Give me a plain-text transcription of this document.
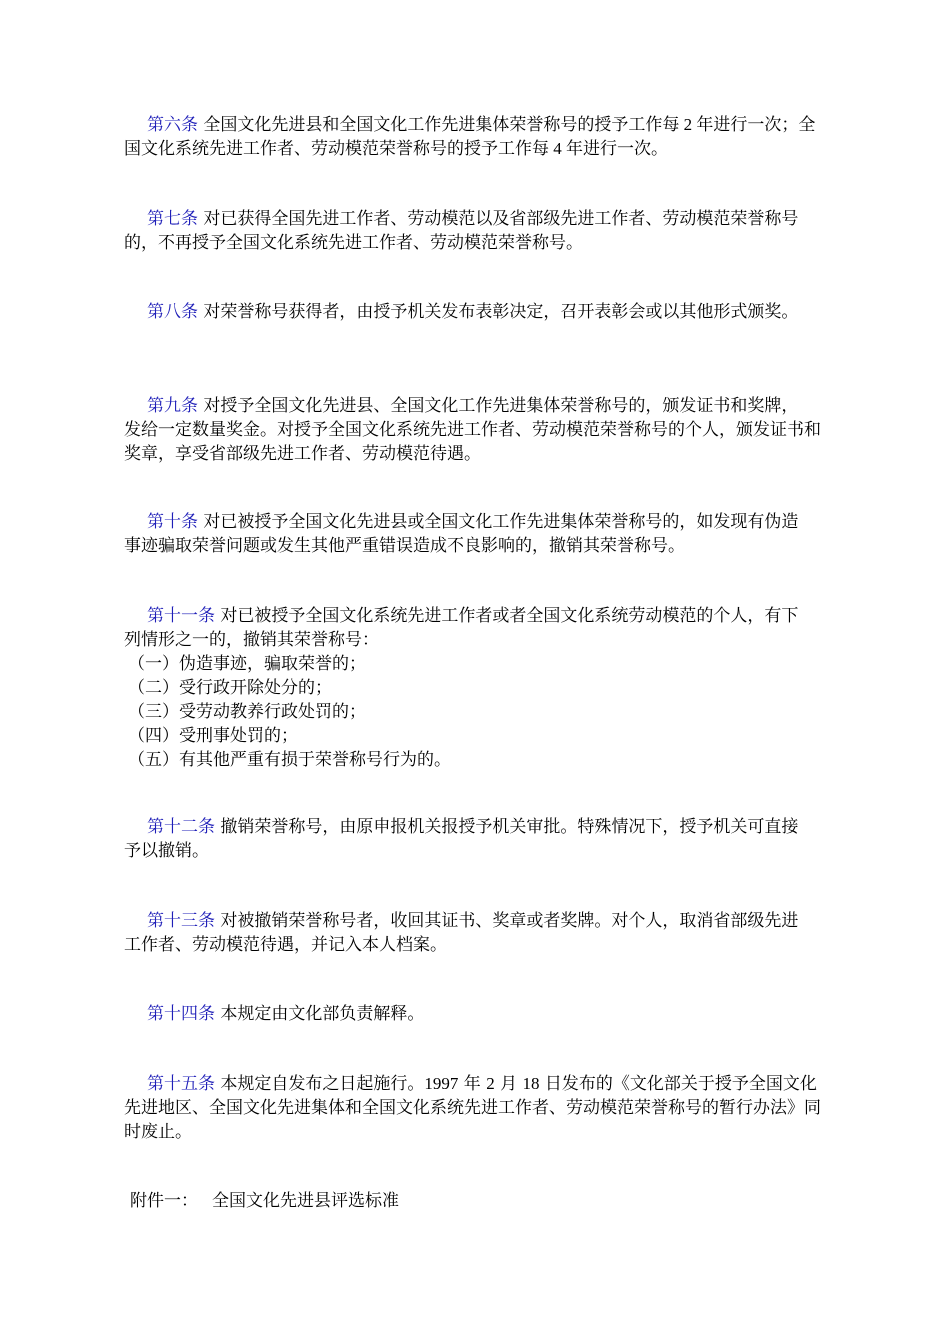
第六条 全国文化先进县和全国文化工作先进集体荣誉称号的授予工作每 2 年进行一次；全
国文化系统先进工作者、劳动模范荣誉称号的授予工作每 4 年进行一次。

第七条 对已获得全国先进工作者、劳动模范以及省部级先进工作者、劳动模范荣誉称号
的，不再授予全国文化系统先进工作者、劳动模范荣誉称号。

第八条 对荣誉称号获得者，由授予机关发布表彰决定，召开表彰会或以其他形式颁奖。

第九条 对授予全国文化先进县、全国文化工作先进集体荣誉称号的，颁发证书和奖牌，
发给一定数量奖金。对授予全国文化系统先进工作者、劳动模范荣誉称号的个人，颁发证书和奖章，享受省部级先进工作者、劳动模范待遇。

第十条 对已被授予全国文化先进县或全国文化工作先进集体荣誉称号的，如发现有伪造
事迹骗取荣誉问题或发生其他严重错误造成不良影响的，撤销其荣誉称号。

第十一条 对已被授予全国文化系统先进工作者或者全国文化系统劳动模范的个人，有下
列情形之一的，撤销其荣誉称号：
（一）伪造事迹，骗取荣誉的；
（二）受行政开除处分的；
（三）受劳动教养行政处罚的；
（四）受刑事处罚的；
（五）有其他严重有损于荣誉称号行为的。

第十二条 撤销荣誉称号，由原申报机关报授予机关审批。特殊情况下，授予机关可直接
予以撤销。

第十三条 对被撤销荣誉称号者，收回其证书、奖章或者奖牌。对个人，取消省部级先进
工作者、劳动模范待遇，并记入本人档案。

第十四条 本规定由文化部负责解释。

第十五条 本规定自发布之日起施行。1997 年 2 月 18 日发布的《文化部关于授予全国文化
先进地区、全国文化先进集体和全国文化系统先进工作者、劳动模范荣誉称号的暂行办法》同时废止。

附件一： 全国文化先进县评选标准
